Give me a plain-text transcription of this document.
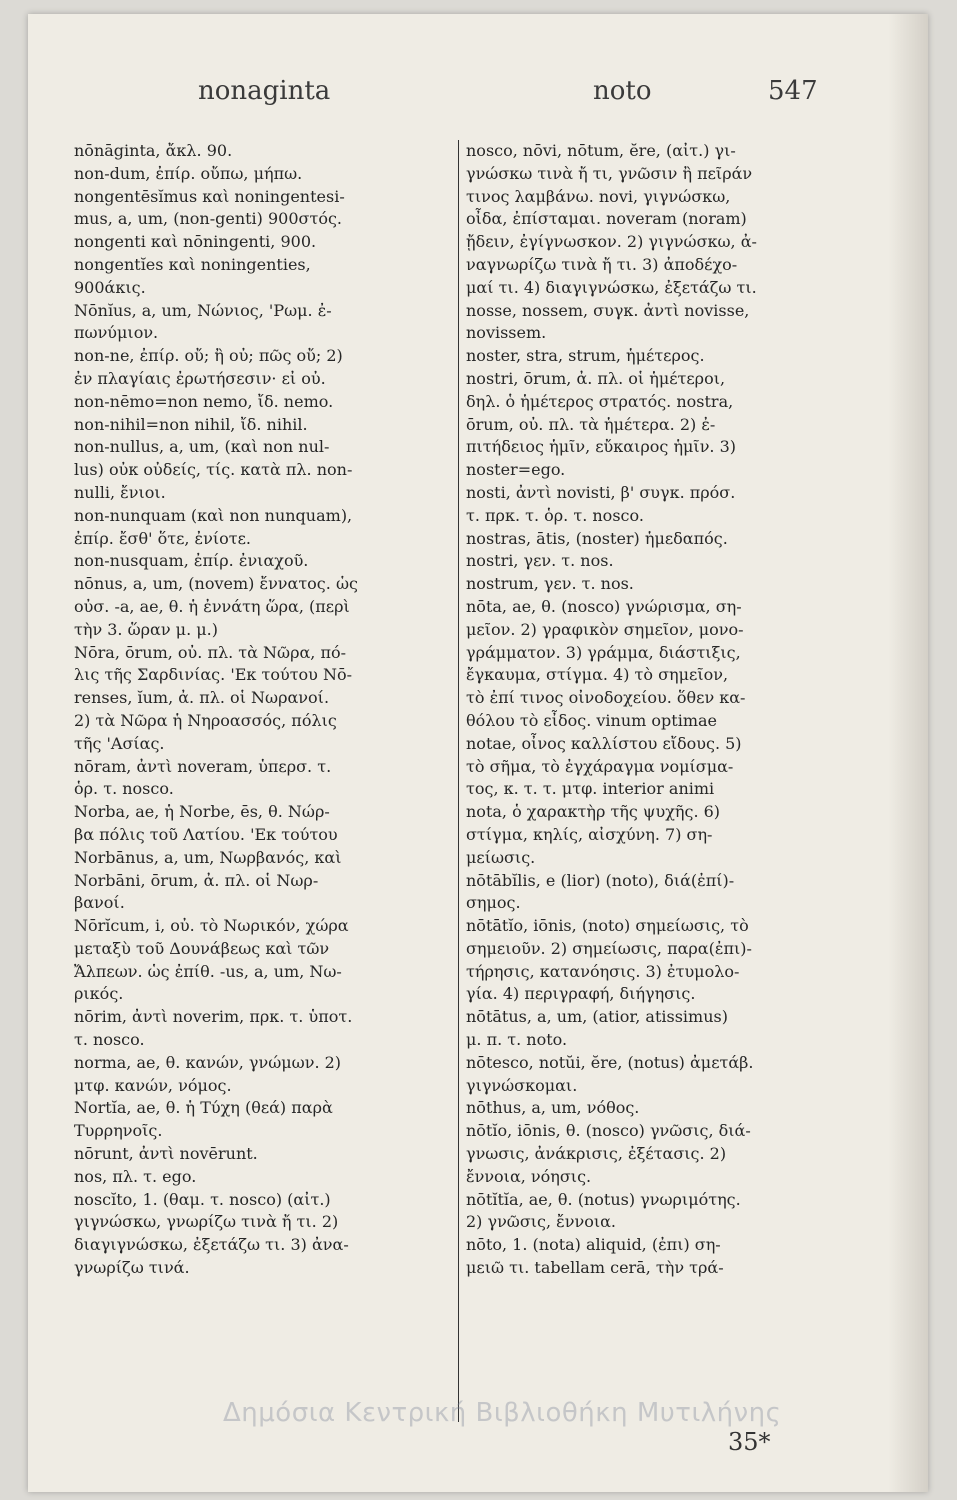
nonaginta	noto	547
nōnāginta, ἄκλ. 90.
non-dum, ἐπίρ. οὔπω, μήπω.
nongentēsĭmus καὶ noningentesi-
mus, a, um, (non-genti) 900στός.
nongenti καὶ nōningenti, 900.
nongentĭes καὶ noningenties,
900άκις.
Nōnĭus, a, um, Νώνιος, 'Ρωμ. ἐ-
πωνύμιον.
non-ne, ἐπίρ. οὔ; ἢ οὐ; πῶς οὔ; 2)
ἐν πλαγίαις ἐρωτήσεσιν· εἰ οὐ.
non-nēmo=non nemo, ἴδ. nemo.
non-nihil=non nihil, ἴδ. nihil.
non-nullus, a, um, (καὶ non nul-
lus) οὐκ οὐδείς, τίς. κατὰ πλ. non-
nulli, ἔνιοι.
non-nunquam (καὶ non nunquam),
ἐπίρ. ἔσθ' ὅτε, ἐνίοτε.
non-nusquam, ἐπίρ. ἐνιαχοῦ.
nōnus, a, um, (novem) ἔννατος. ὡς
οὐσ. -a, ae, θ. ἡ ἐννάτη ὥρα, (περὶ
τὴν 3. ὥραν μ. μ.)
Nōra, ōrum, οὐ. πλ. τὰ Νῶρα, πό-
λις τῆς Σαρδινίας. 'Εκ τούτου Nō-
renses, ĭum, ἀ. πλ. οἱ Νωρανοί.
2) τὰ Νῶρα ἡ Νηροασσός, πόλις
τῆς 'Ασίας.
nōram, ἀντὶ noveram, ὑπερσ. τ.
ὁρ. τ. nosco.
Norba, ae, ἡ Norbe, ēs, θ. Νώρ-
βα πόλις τοῦ Λατίου. 'Εκ τούτου
Norbānus, a, um, Νωρβανός, καὶ
Norbāni, ōrum, ἀ. πλ. οἱ Νωρ-
βανοί.
Nōrĭcum, i, οὐ. τὸ Νωρικόν, χώρα
μεταξὺ τοῦ Δουνάβεως καὶ τῶν
Ἄλπεων. ὡς ἐπίθ. -us, a, um, Νω-
ρικός.
nōrim, ἀντὶ noverim, πρκ. τ. ὑποτ.
τ. nosco.
norma, ae, θ. κανών, γνώμων. 2)
μτφ. κανών, νόμος.
Nortĭa, ae, θ. ἡ Τύχη (θεά) παρὰ
Τυρρηνοῖς.
nōrunt, ἀντὶ novērunt.
nos, πλ. τ. ego.
noscĭto, 1. (θαμ. τ. nosco) (αἰτ.)
γιγνώσκω, γνωρίζω τινὰ ἤ τι. 2)
διαγιγνώσκω, ἐξετάζω τι. 3) ἀνα-
γνωρίζω τινά.
nosco, nōvi, nōtum, ĕre, (αἰτ.) γι-
γνώσκω τινὰ ἤ τι, γνῶσιν ἢ πεῖράν
τινος λαμβάνω. novi, γιγνώσκω,
οἶδα, ἐπίσταμαι. noveram (noram)
ᾔδειν, ἐγίγνωσκον. 2) γιγνώσκω, ἀ-
ναγνωρίζω τινὰ ἤ τι. 3) ἀποδέχο-
μαί τι. 4) διαγιγνώσκω, ἐξετάζω τι.
nosse, nossem, συγκ. ἀντὶ novisse,
novissem.
noster, stra, strum, ἡμέτερος.
nostri, ōrum, ἀ. πλ. οἱ ἡμέτεροι,
δηλ. ὁ ἡμέτερος στρατός. nostra,
ōrum, οὐ. πλ. τὰ ἡμέτερα. 2) ἐ-
πιτήδειος ἡμῖν, εὔκαιρος ἡμῖν. 3)
noster=ego.
nosti, ἀντὶ novisti, β' συγκ. πρόσ.
τ. πρκ. τ. ὁρ. τ. nosco.
nostras, ātis, (noster) ἡμεδαπός.
nostri, γεν. τ. nos.
nostrum, γεν. τ. nos.
nōta, ae, θ. (nosco) γνώρισμα, ση-
μεῖον. 2) γραφικὸν σημεῖον, μονο-
γράμματον. 3) γράμμα, διάστιξις,
ἔγκαυμα, στίγμα. 4) τὸ σημεῖον,
τὸ ἐπί τινος οἰνοδοχείου. ὅθεν κα-
θόλου τὸ εἶδος. vinum optimae
notae, οἶνος καλλίστου εἴδους. 5)
τὸ σῆμα, τὸ ἐγχάραγμα νομίσμα-
τος, κ. τ. τ. μτφ. interior animi
nota, ὁ χαρακτὴρ τῆς ψυχῆς. 6)
στίγμα, κηλίς, αἰσχύνη. 7) ση-
μείωσις.
nōtābĭlis, e (lior) (noto), διά(ἐπί)-
σημος.
nōtātĭo, iōnis, (noto) σημείωσις, τὸ
σημειοῦν. 2) σημείωσις, παρα(ἐπι)-
τήρησις, κατανόησις. 3) ἐτυμολο-
γία. 4) περιγραφή, διήγησις.
nōtātus, a, um, (atior, atissimus)
μ. π. τ. noto.
nōtesco, notŭi, ĕre, (notus) ἀμετάβ.
γιγνώσκομαι.
nōthus, a, um, νόθος.
nōtĭo, iōnis, θ. (nosco) γνῶσις, διά-
γνωσις, ἀνάκρισις, ἐξέτασις. 2)
ἔννοια, νόησις.
nōtĭtĭa, ae, θ. (notus) γνωριμότης.
2) γνῶσις, ἔννοια.
nōto, 1. (nota) aliquid, (ἐπι) ση-
μειῶ τι. tabellam cerā, τὴν τρά-
35*
Δημόσια Κεντρική Βιβλιοθήκη Μυτιλήνης
